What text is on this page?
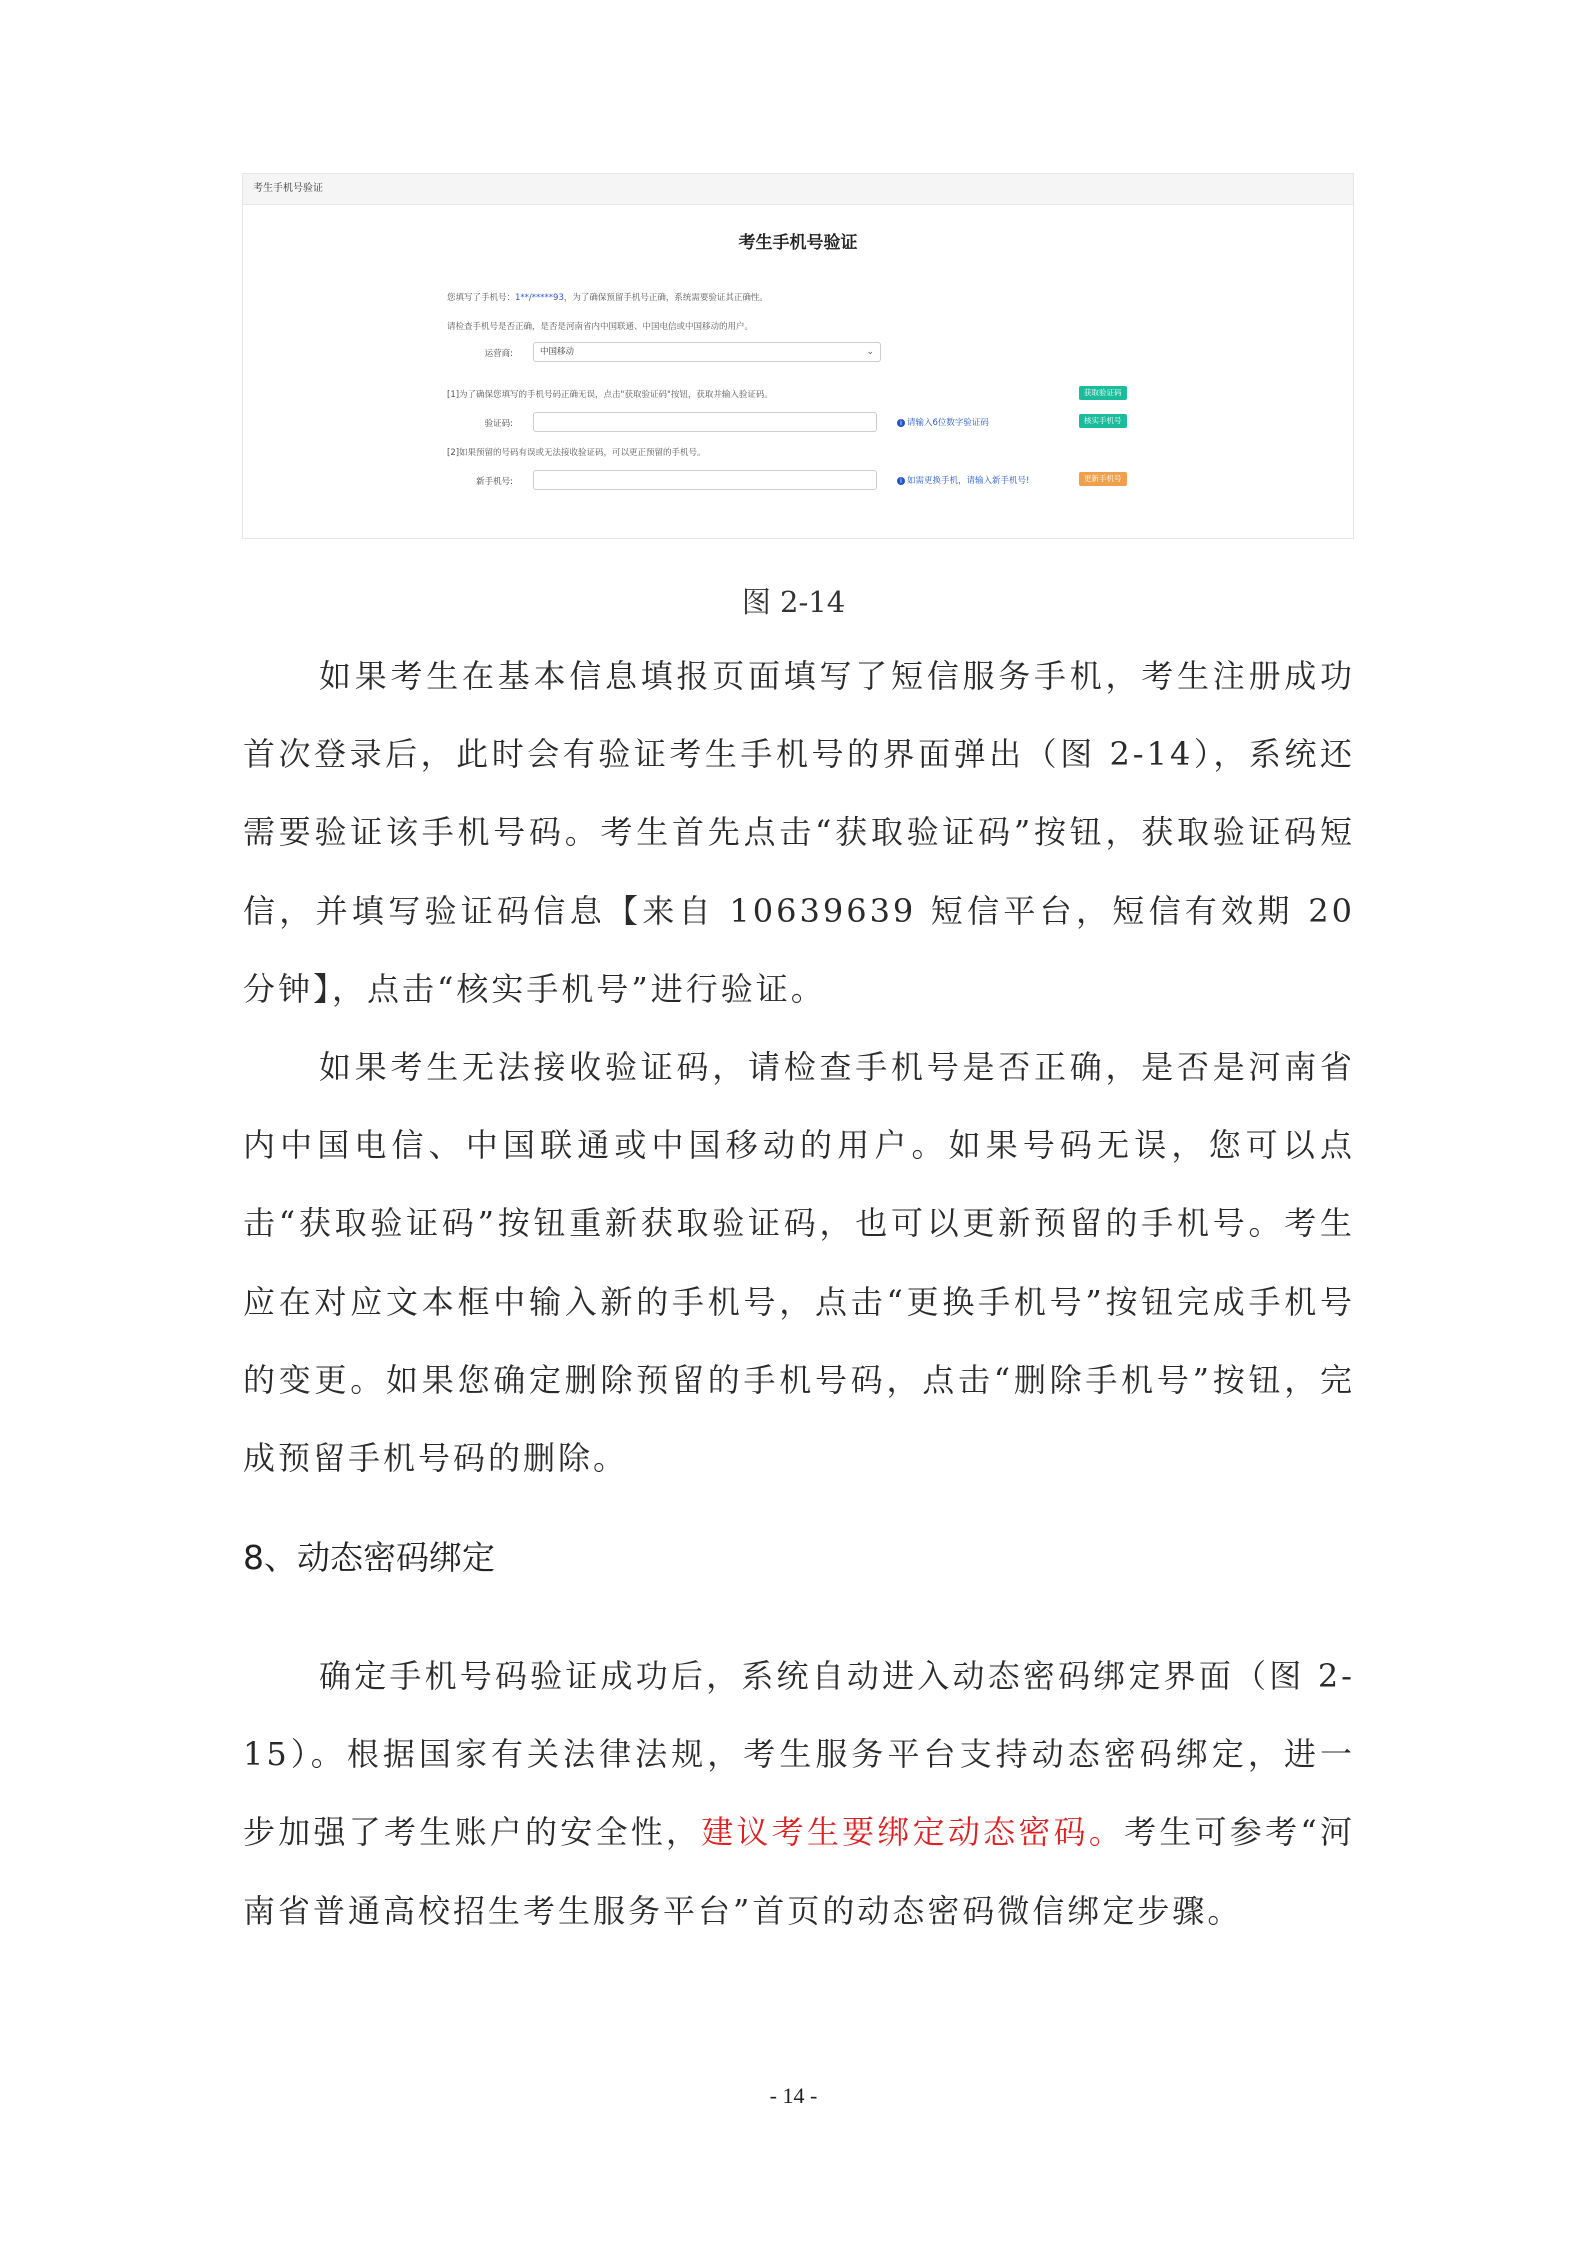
考生手机号验证
考生手机号验证
您填写了手机号：1**/*****93，为了确保预留手机号正确，系统需要验证其正确性。
请检查手机号是否正确，是否是河南省内中国联通、中国电信或中国移动的用户。
运营商:	中国移动	⌄
[1]为了确保您填写的手机号码正确无误，点击"获取验证码"按钮，获取并输入验证码。	获取验证码
验证码:	i 请输入6位数字验证码	核实手机号
[2]如果预留的号码有误或无法接收验证码，可以更正预留的手机号。
新手机号:	i 如需更换手机，请输入新手机号!	更新手机号
图 2-14
如果考生在基本信息填报页面填写了短信服务手机，考生注册成功首次登录后，此时会有验证考生手机号的界面弹出（图 2-14），系统还需要验证该手机号码。考生首先点击“获取验证码”按钮，获取验证码短信，并填写验证码信息【来自 10639639 短信平台，短信有效期 20 分钟】，点击“核实手机号”进行验证。
如果考生无法接收验证码，请检查手机号是否正确，是否是河南省内中国电信、中国联通或中国移动的用户。如果号码无误，您可以点击“获取验证码”按钮重新获取验证码，也可以更新预留的手机号。考生应在对应文本框中输入新的手机号，点击“更换手机号”按钮完成手机号的变更。如果您确定删除预留的手机号码，点击“删除手机号”按钮，完成预留手机号码的删除。
8、动态密码绑定
确定手机号码验证成功后，系统自动进入动态密码绑定界面（图 2-15）。根据国家有关法律法规，考生服务平台支持动态密码绑定，进一步加强了考生账户的安全性，建议考生要绑定动态密码。考生可参考“河南省普通高校招生考生服务平台”首页的动态密码微信绑定步骤。
- 14 -
